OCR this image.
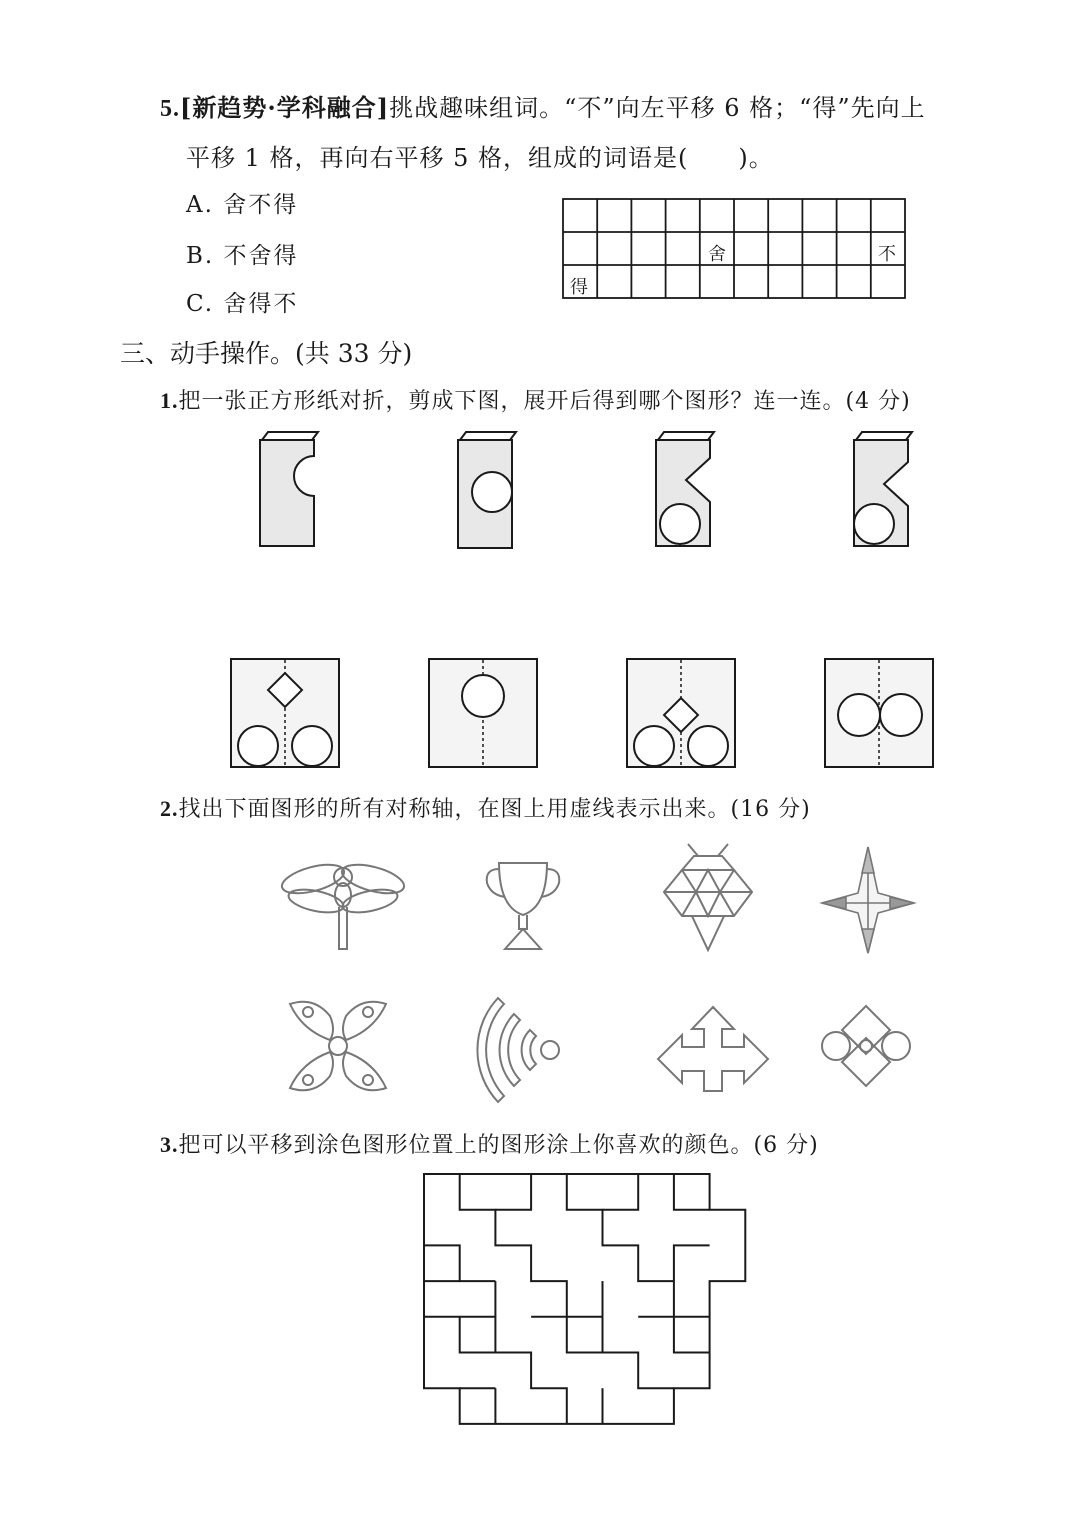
5.[新趋势·学科融合]挑战趣味组词。“不”向左平移 6 格；“得”先向上
平移 1 格，再向右平移 5 格，组成的词语是(　　)。
A. 舍不得
B. 不舍得
C. 舍得不
舍	不
得
三、动手操作。(共 33 分)
1.把一张正方形纸对折，剪成下图，展开后得到哪个图形？连一连。(4 分)
2.找出下面图形的所有对称轴，在图上用虚线表示出来。(16 分)
3.把可以平移到涂色图形位置上的图形涂上你喜欢的颜色。(6 分)
